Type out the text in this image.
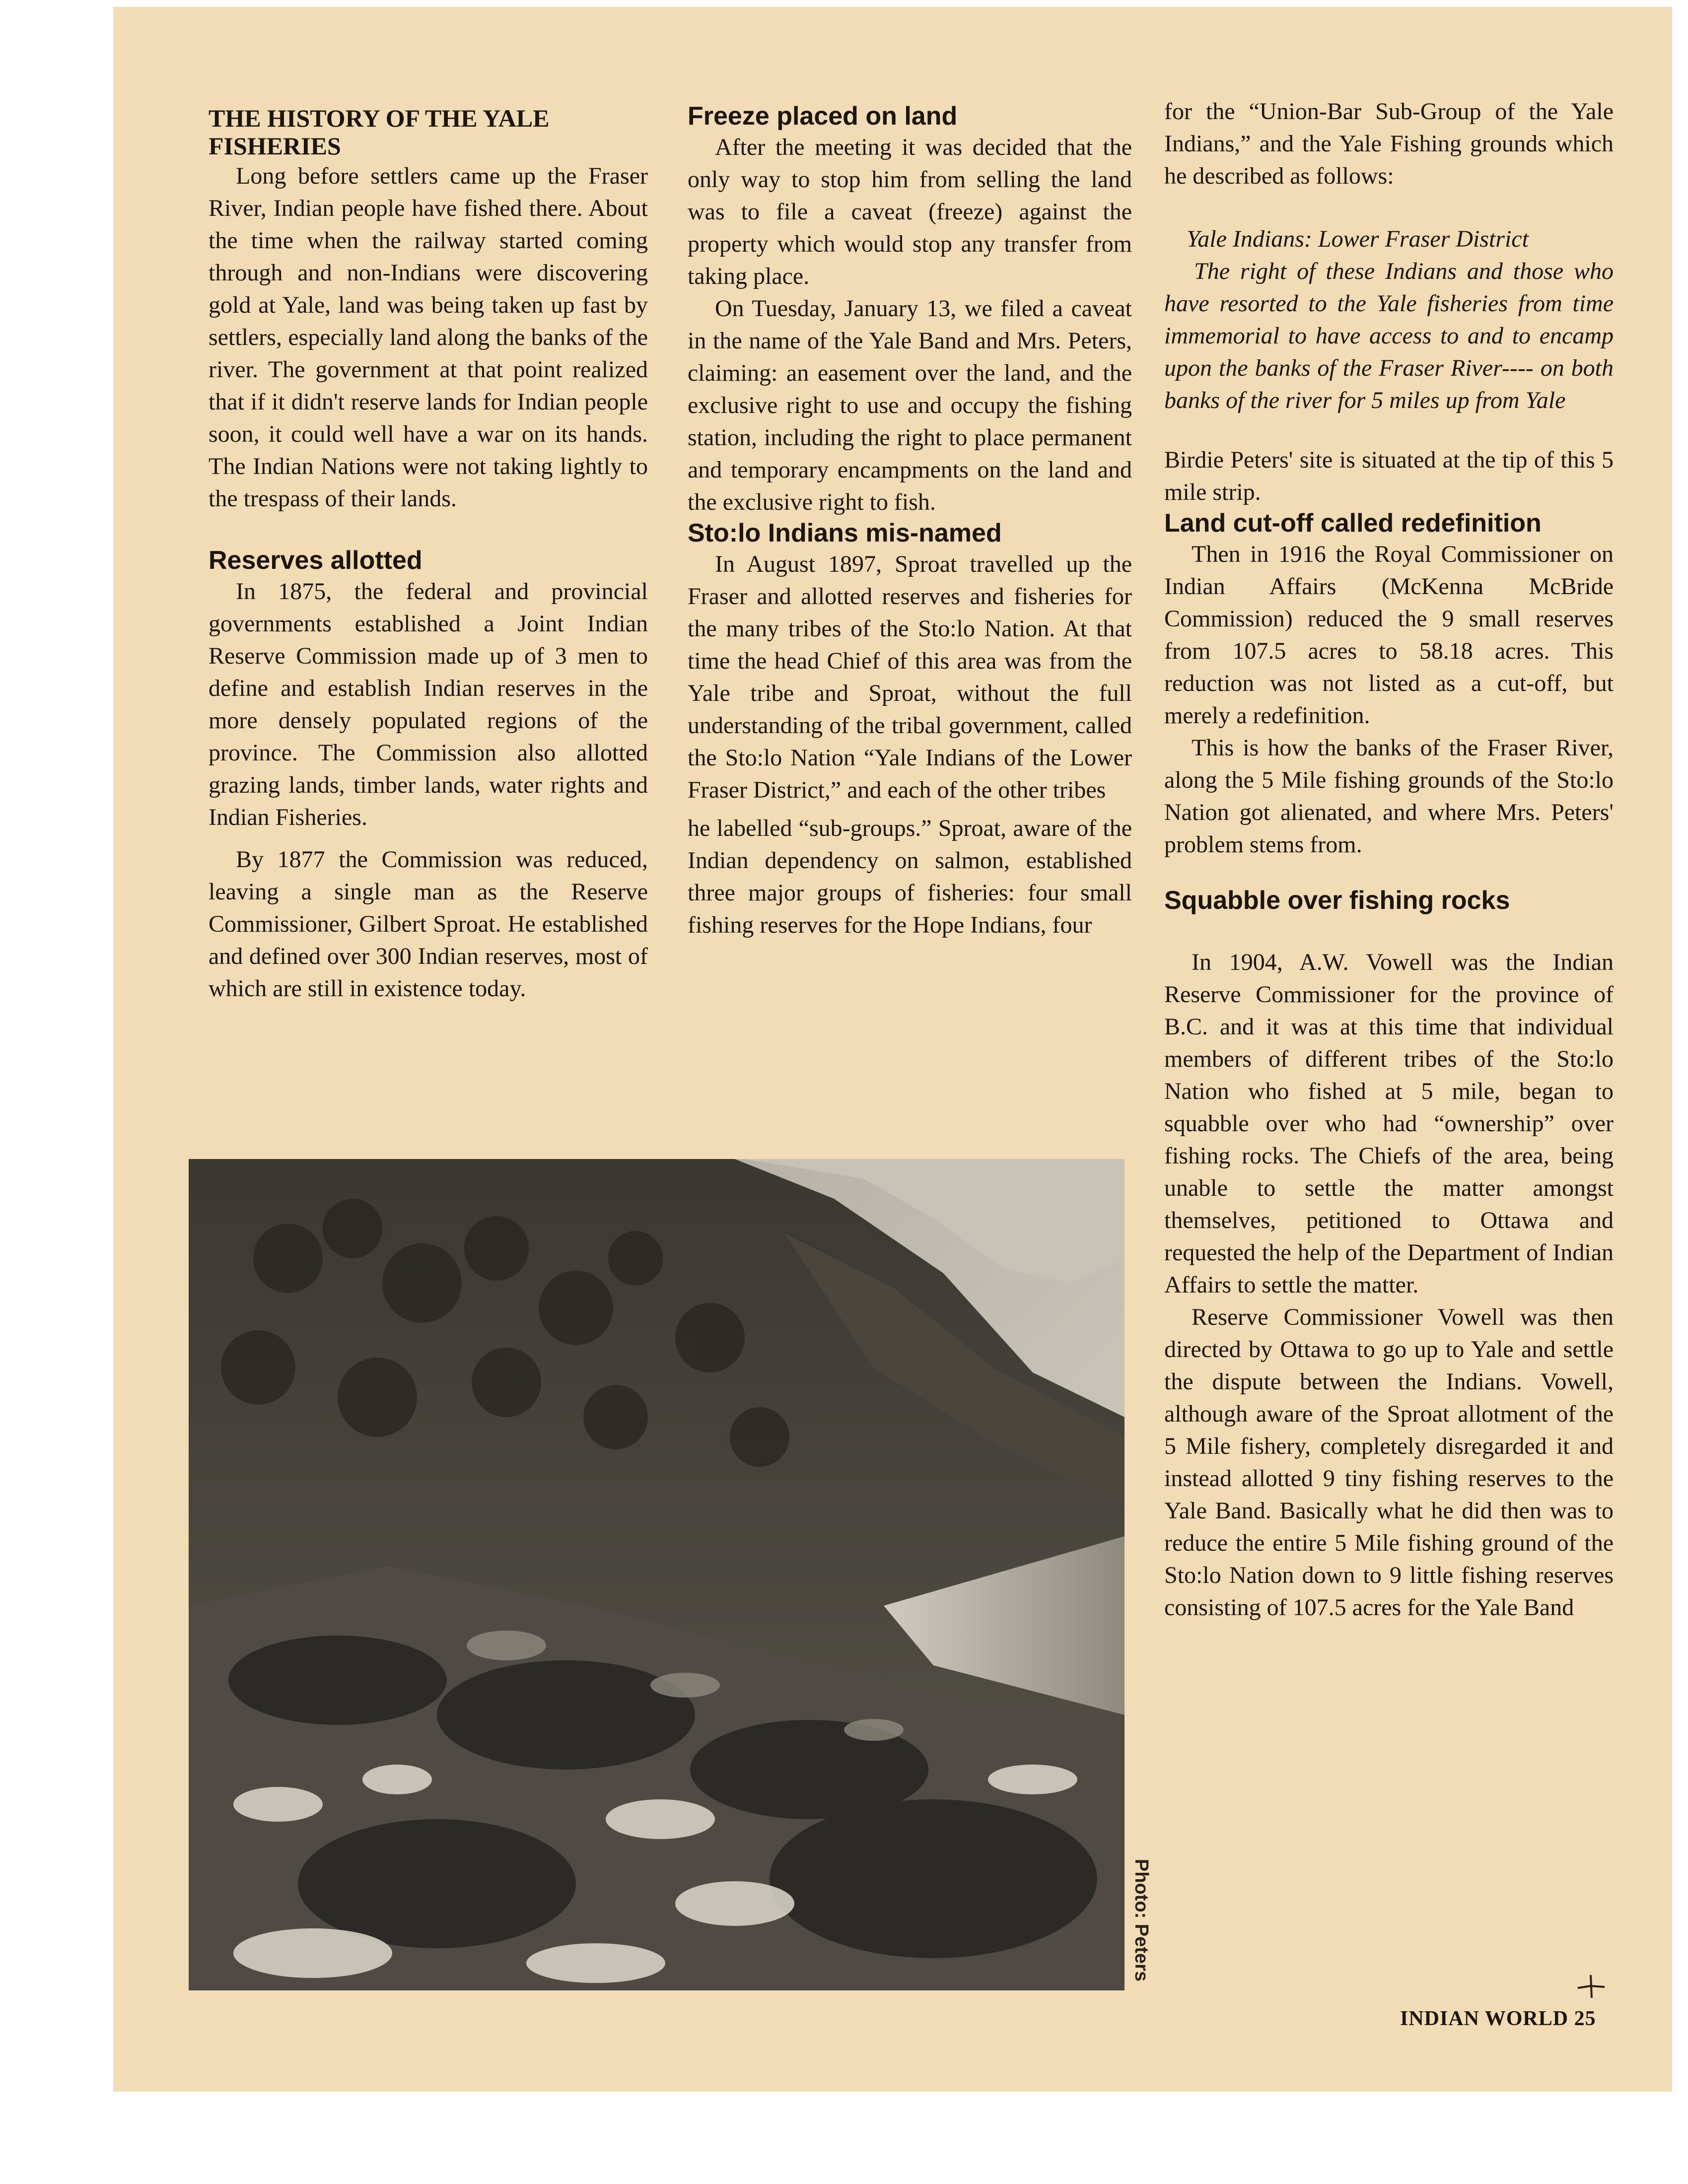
THE HISTORY OF THE YALE FISHERIES

Long before settlers came up the Fraser River, Indian people have fished there. About the time when the railway started coming through and non-Indians were discovering gold at Yale, land was being taken up fast by settlers, especially land along the banks of the river. The government at that point realized that if it didn't reserve lands for Indian people soon, it could well have a war on its hands. The Indian Nations were not taking lightly to the trespass of their lands.

Reserves allotted

In 1875, the federal and provincial governments established a Joint Indian Reserve Commission made up of 3 men to define and establish Indian reserves in the more densely populated regions of the province. The Commission also allotted grazing lands, timber lands, water rights and Indian Fisheries.

By 1877 the Commission was reduced, leaving a single man as the Reserve Commissioner, Gilbert Sproat. He established and defined over 300 Indian reserves, most of which are still in existence today.

Freeze placed on land

After the meeting it was decided that the only way to stop him from selling the land was to file a caveat (freeze) against the property which would stop any transfer from taking place.

On Tuesday, January 13, we filed a caveat in the name of the Yale Band and Mrs. Peters, claiming: an easement over the land, and the exclusive right to use and occupy the fishing station, including the right to place permanent and temporary encampments on the land and the exclusive right to fish.

Sto:lo Indians mis-named

In August 1897, Sproat travelled up the Fraser and allotted reserves and fisheries for the many tribes of the Sto:lo Nation. At that time the head Chief of this area was from the Yale tribe and Sproat, without the full understanding of the tribal government, called the Sto:lo Nation “Yale Indians of the Lower Fraser District,” and each of the other tribes

he labelled “sub-groups.” Sproat, aware of the Indian dependency on salmon, established three major groups of fisheries: four small fishing reserves for the Hope Indians, four

for the “Union-Bar Sub-Group of the Yale Indians,” and the Yale Fishing grounds which he described as follows:

Yale Indians: Lower Fraser District

The right of these Indians and those who have resorted to the Yale fisheries from time immemorial to have access to and to encamp upon the banks of the Fraser River---- on both banks of the river for 5 miles up from Yale

Birdie Peters' site is situated at the tip of this 5 mile strip.

Land cut-off called redefinition

Then in 1916 the Royal Commissioner on Indian Affairs (McKenna McBride Commission) reduced the 9 small reserves from 107.5 acres to 58.18 acres. This reduction was not listed as a cut-off, but merely a redefinition.

This is how the banks of the Fraser River, along the 5 Mile fishing grounds of the Sto:lo Nation got alienated, and where Mrs. Peters' problem stems from.

Squabble over fishing rocks

In 1904, A.W. Vowell was the Indian Reserve Commissioner for the province of B.C. and it was at this time that individual members of different tribes of the Sto:lo Nation who fished at 5 mile, began to squabble over who had “ownership” over fishing rocks. The Chiefs of the area, being unable to settle the matter amongst themselves, petitioned to Ottawa and requested the help of the Department of Indian Affairs to settle the matter.

Reserve Commissioner Vowell was then directed by Ottawa to go up to Yale and settle the dispute between the Indians. Vowell, although aware of the Sproat allotment of the 5 Mile fishery, completely disregarded it and instead allotted 9 tiny fishing reserves to the Yale Band. Basically what he did then was to reduce the entire 5 Mile fishing ground of the Sto:lo Nation down to 9 little fishing reserves consisting of 107.5 acres for the Yale Band

Photo: Peters
INDIAN WORLD 25
